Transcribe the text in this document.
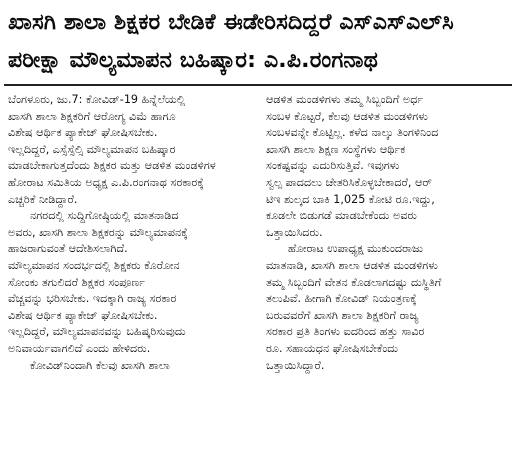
ಖಾಸಗಿ ಶಾಲಾ ಶಿಕ್ಷಕರ ಬೇಡಿಕೆ ಈಡೇರಿಸದಿದ್ದರೆ ಎಸ್‌ಎಸ್‌ಎಲ್‌ಸಿ
ಪರೀಕ್ಷಾ ಮೌಲ್ಯಮಾಪನ ಬಹಿಷ್ಕಾರ: ಎ.ಪಿ.ರಂಗನಾಥ
ಬೆಂಗಳೂರು, ಜು.7: ಕೋವಿಡ್-19 ಹಿನ್ನೆಲೆಯಲ್ಲಿ
ಖಾಸಗಿ ಶಾಲಾ ಶಿಕ್ಷಕರಿಗೆ ಆರೋಗ್ಯ ವಿಮೆ ಹಾಗೂ
ವಿಶೇಷ ಆರ್ಥಿಕ ಪ್ಯಾಕೇಜ್ ಘೋಷಿಸಬೇಕು.
ಇಲ್ಲದಿದ್ದರೆ, ಎಸ್ಸೆಸ್ಸೆಲ್ಸಿ ಮೌಲ್ಯಮಾಪನ ಬಹಿಷ್ಕಾರ
ಮಾಡಬೇಕಾಗುತ್ತದೆಂದು ಶಿಕ್ಷಕರ ಮತ್ತು ಆಡಳಿತ ಮಂಡಳಿಗಳ
ಹೋರಾಟ ಸಮಿತಿಯ ಅಧ್ಯಕ್ಷ ಎ.ಪಿ.ರಂಗನಾಥ ಸರಕಾರಕ್ಕೆ
ಎಚ್ಚರಿಕೆ ನೀಡಿದ್ದಾರೆ.
ನಗರದಲ್ಲಿ ಸುದ್ದಿಗೋಷ್ಠಿಯಲ್ಲಿ ಮಾತನಾಡಿದ
ಅವರು, ಖಾಸಗಿ ಶಾಲಾ ಶಿಕ್ಷಕರನ್ನು ಮೌಲ್ಯಮಾಪನಕ್ಕೆ
ಹಾಜರಾಗುವಂತೆ ಆದೇಶಿಸಲಾಗಿದೆ.
ಮೌಲ್ಯಮಾಪನ ಸಂದರ್ಭದಲ್ಲಿ ಶಿಕ್ಷಕರು ಕೊರೋನ
ಸೋಂಕು ತಗುಲಿದರೆ ಶಿಕ್ಷಕರ ಸಂಪೂರ್ಣ
ವೆಚ್ಚವನ್ನು ಭರಿಸಬೇಕು. ಇದಕ್ಕಾಗಿ ರಾಜ್ಯ ಸರಕಾರ
ವಿಶೇಷ ಆರ್ಥಿಕ ಪ್ಯಾಕೇಜ್ ಘೋಷಿಸಬೇಕು.
ಇಲ್ಲದಿದ್ದರೆ, ಮೌಲ್ಯಮಾಪನವನ್ನು ಬಹಿಷ್ಕರಿಸುವುದು
ಅನಿವಾರ್ಯವಾಗಲಿದೆ ಎಂದು ಹೇಳಿದರು.
ಕೋವಿಡ್‌ನಿಂದಾಗಿ ಕೆಲವು ಖಾಸಗಿ ಶಾಲಾ
ಆಡಳಿತ ಮಂಡಳಿಗಳು ತಮ್ಮ ಸಿಬ್ಬಂದಿಗೆ ಅರ್ಧ
ಸಂಬಳ ಕೊಟ್ಟರೆ, ಕೆಲವು ಆಡಳಿತ ಮಂಡಳಿಗಳು
ಸಂಬಳವನ್ನೇ ಕೊಟ್ಟಿಲ್ಲ. ಕಳೆದ ನಾಲ್ಕು ತಿಂಗಳಿನಿಂದ
ಖಾಸಗಿ ಶಾಲಾ ಶಿಕ್ಷಣ ಸಂಸ್ಥೆಗಳು ಆರ್ಥಿಕ
ಸಂಕಷ್ಟವನ್ನು ಎದುರಿಸುತ್ತಿವೆ. ಇವುಗಳು
ಸ್ವಲ್ಪ ಪಾದದಲು ಚೇತರಿಸಿಕೊಳ್ಳಬೇಕಾದರೆ, ಆರ್
ಟಿಇ ಶುಲ್ಕದ ಬಾಕಿ 1,025 ಕೋಟಿ ರೂ.ಇದ್ದು,
ಕೂಡಲೇ ಬಿಡುಗಡೆ ಮಾಡಬೇಕೆಂದು ಅವರು
ಒತ್ತಾಯಿಸಿದರು.
ಹೋರಾಟ ಉಪಾಧ್ಯಕ್ಷ ಮುಕುಂದರಾಜು
ಮಾತನಾಡಿ, ಖಾಸಗಿ ಶಾಲಾ ಆಡಳಿತ ಮಂಡಳಿಗಳು
ತಮ್ಮ ಸಿಬ್ಬಂದಿಗೆ ವೇತನ ಕೊಡಲಾಗದಷ್ಟು ದುಸ್ಥಿತಿಗೆ
ತಲುಪಿವೆ. ಹೀಗಾಗಿ ಕೋವಿಡ್ ನಿಯಂತ್ರಣಕ್ಕೆ
ಬರುವವರೆಗೆ ಖಾಸಗಿ ಶಾಲಾ ಶಿಕ್ಷಕರಿಗೆ ರಾಜ್ಯ
ಸರಕಾರ ಪ್ರತಿ ತಿಂಗಳು ಐದರಿಂದ ಹತ್ತು ಸಾವಿರ
ರೂ. ಸಹಾಯಧನ ಘೋಷಿಸಬೇಕೆಂದು
ಒತ್ತಾಯಿಸಿದ್ದಾರೆ.
